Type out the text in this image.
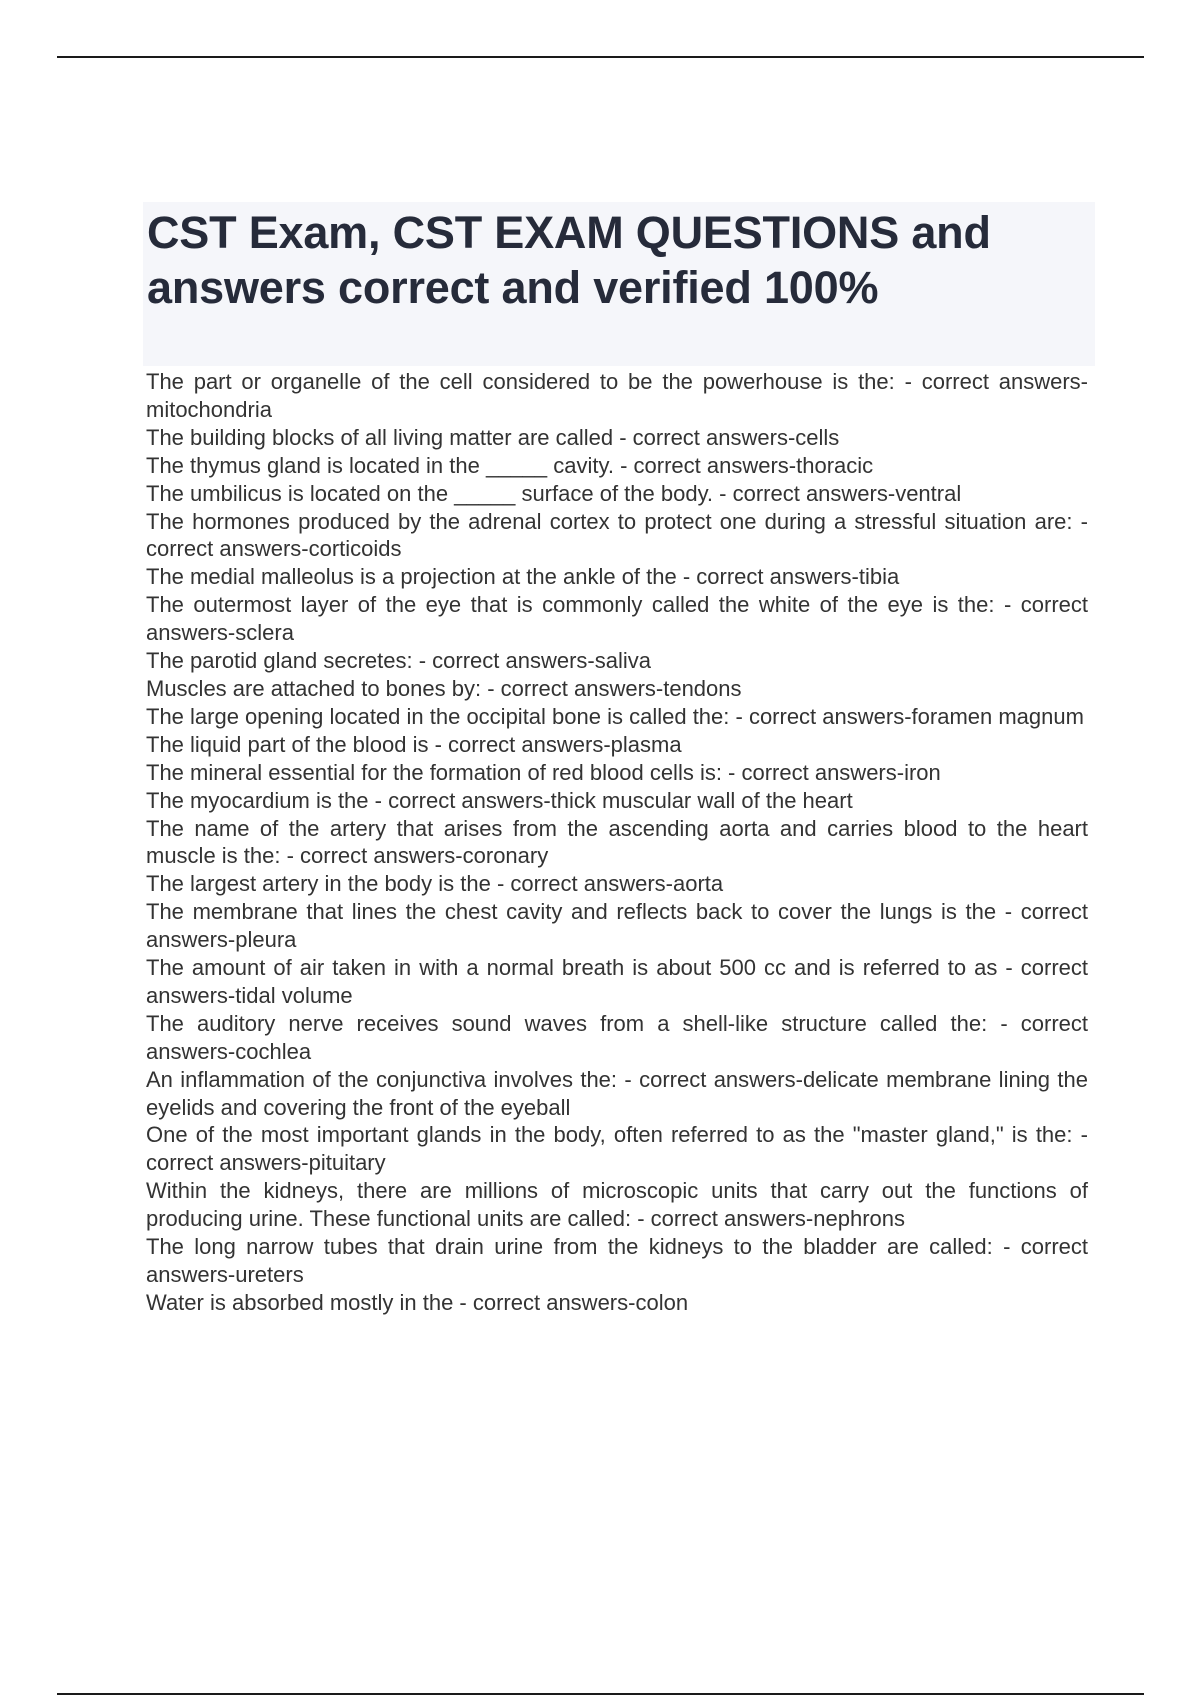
CST Exam, CST EXAM QUESTIONS and answers correct and verified 100%
The part or organelle of the cell considered to be the powerhouse is the: - correct answers-mitochondria
The building blocks of all living matter are called - correct answers-cells
The thymus gland is located in the _____ cavity. - correct answers-thoracic
The umbilicus is located on the _____ surface of the body. - correct answers-ventral
The hormones produced by the adrenal cortex to protect one during a stressful situation are: - correct answers-corticoids
The medial malleolus is a projection at the ankle of the - correct answers-tibia
The outermost layer of the eye that is commonly called the white of the eye is the: - correct answers-sclera
The parotid gland secretes: - correct answers-saliva
Muscles are attached to bones by: - correct answers-tendons
The large opening located in the occipital bone is called the: - correct answers-foramen magnum
The liquid part of the blood is - correct answers-plasma
The mineral essential for the formation of red blood cells is: - correct answers-iron
The myocardium is the - correct answers-thick muscular wall of the heart
The name of the artery that arises from the ascending aorta and carries blood to the heart muscle is the: - correct answers-coronary
The largest artery in the body is the - correct answers-aorta
The membrane that lines the chest cavity and reflects back to cover the lungs is the - correct answers-pleura
The amount of air taken in with a normal breath is about 500 cc and is referred to as - correct answers-tidal volume
The auditory nerve receives sound waves from a shell-like structure called the: - correct answers-cochlea
An inflammation of the conjunctiva involves the: - correct answers-delicate membrane lining the eyelids and covering the front of the eyeball
One of the most important glands in the body, often referred to as the "master gland," is the: - correct answers-pituitary
Within the kidneys, there are millions of microscopic units that carry out the functions of producing urine. These functional units are called: - correct answers-nephrons
The long narrow tubes that drain urine from the kidneys to the bladder are called: - correct answers-ureters
Water is absorbed mostly in the - correct answers-colon
